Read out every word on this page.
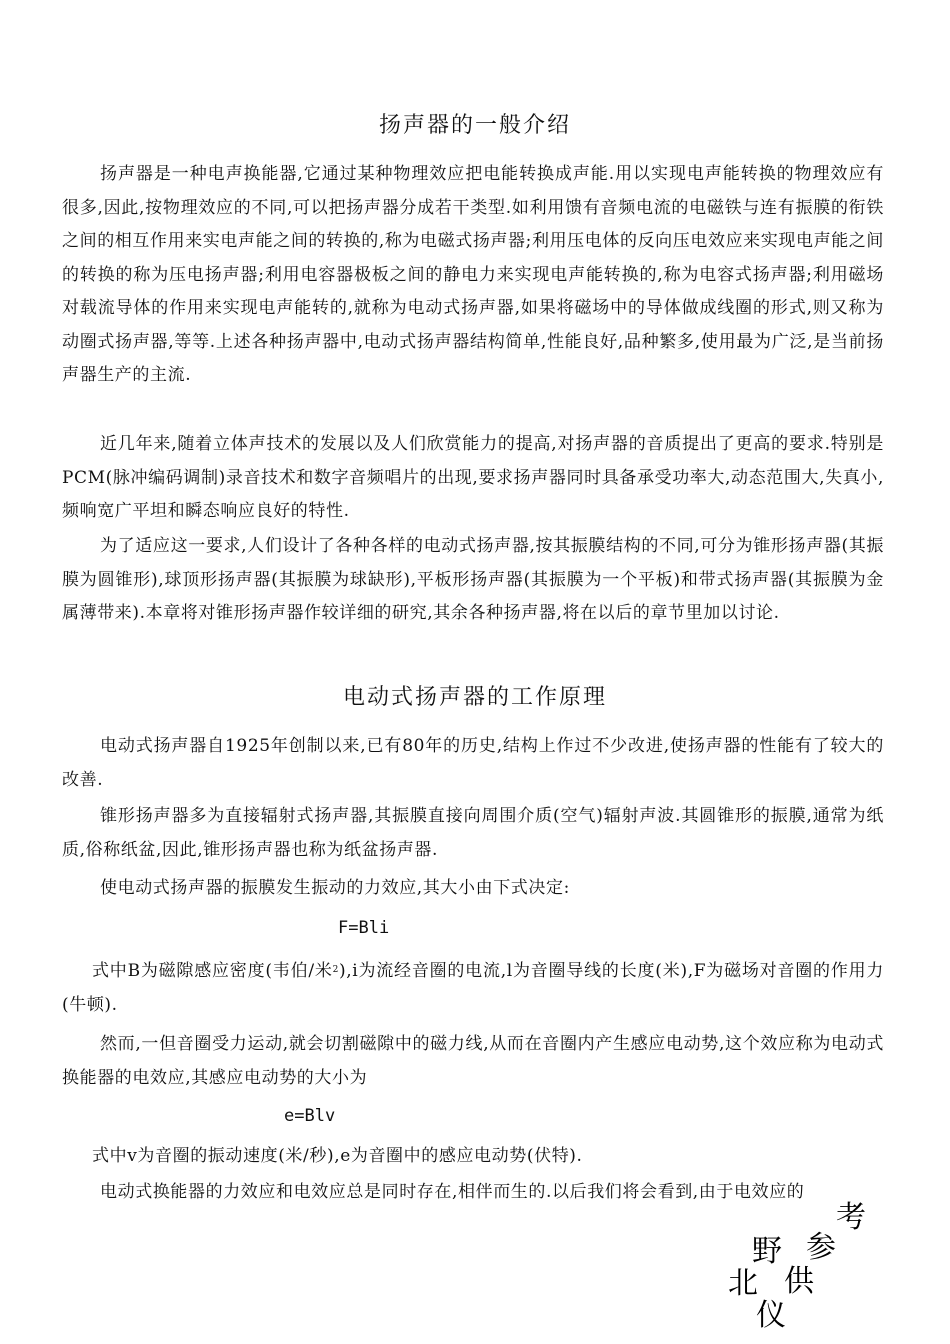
扬声器的一般介绍
扬声器是一种电声换能器,它通过某种物理效应把电能转换成声能.用以实现电声能转换的物理效应有很多,因此,按物理效应的不同,可以把扬声器分成若干类型.如利用馈有音频电流的电磁铁与连有振膜的衔铁之间的相互作用来实电声能之间的转换的,称为电磁式扬声器;利用压电体的反向压电效应来实现电声能之间的转换的称为压电扬声器;利用电容器极板之间的静电力来实现电声能转换的,称为电容式扬声器;利用磁场对载流导体的作用来实现电声能转的,就称为电动式扬声器,如果将磁场中的导体做成线圈的形式,则又称为动圈式扬声器,等等.上述各种扬声器中,电动式扬声器结构简单,性能良好,品种繁多,使用最为广泛,是当前扬声器生产的主流.
近几年来,随着立体声技术的发展以及人们欣赏能力的提高,对扬声器的音质提出了更高的要求.特别是PCM(脉冲编码调制)录音技术和数字音频唱片的出现,要求扬声器同时具备承受功率大,动态范围大,失真小,频响宽广平坦和瞬态响应良好的特性.
为了适应这一要求,人们设计了各种各样的电动式扬声器,按其振膜结构的不同,可分为锥形扬声器(其振膜为圆锥形),球顶形扬声器(其振膜为球缺形),平板形扬声器(其振膜为一个平板)和带式扬声器(其振膜为金属薄带来).本章将对锥形扬声器作较详细的研究,其余各种扬声器,将在以后的章节里加以讨论.
电动式扬声器的工作原理
电动式扬声器自1925年创制以来,已有80年的历史,结构上作过不少改进,使扬声器的性能有了较大的改善.
锥形扬声器多为直接辐射式扬声器,其振膜直接向周围介质(空气)辐射声波.其圆锥形的振膜,通常为纸质,俗称纸盆,因此,锥形扬声器也称为纸盆扬声器.
使电动式扬声器的振膜发生振动的力效应,其大小由下式决定:
F=Bli
式中B为磁隙感应密度(韦伯/米$^2$),i为流经音圈的电流,l为音圈导线的长度(米),F为磁场对音圈的作用力(牛顿).
然而,一但音圈受力运动,就会切割磁隙中的磁力线,从而在音圈内产生感应电动势,这个效应称为电动式换能器的电效应,其感应电动势的大小为
e=Blv
式中v为音圈的振动速度(米/秒),e为音圈中的感应电动势(伏特).
电动式换能器的力效应和电效应总是同时存在,相伴而生的.以后我们将会看到,由于电效应的
考
参
野
供
北
仪
